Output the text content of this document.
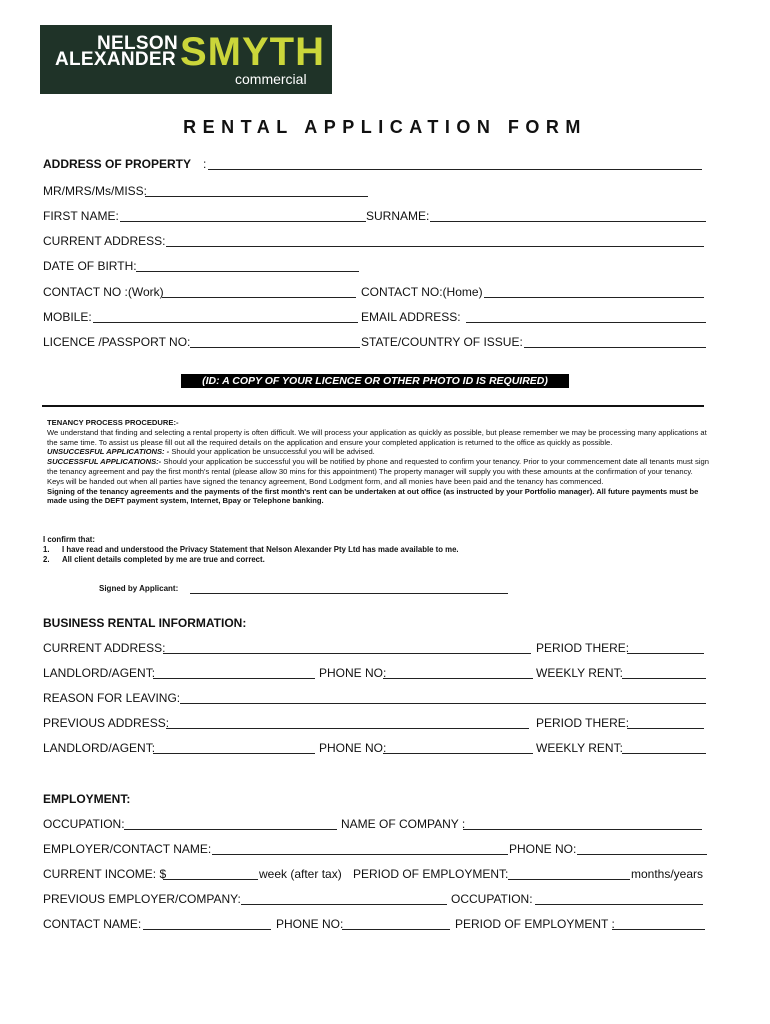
NELSON
ALEXANDER SMYTH
commercial
RENTAL APPLICATION FORM
ADDRESS OF PROPERTY :
MR/MRS/Ms/MISS:
FIRST NAME:	SURNAME:
CURRENT ADDRESS:
DATE OF BIRTH:
CONTACT NO :(Work)	CONTACT NO:(Home)
MOBILE:	EMAIL ADDRESS:
LICENCE /PASSPORT NO:	STATE/COUNTRY OF ISSUE:
(ID: A COPY OF YOUR LICENCE OR OTHER PHOTO ID IS REQUIRED)

TENANCY PROCESS PROCEDURE:-

We understand that finding and selecting a rental property is often difficult. We will process your application as quickly as possible, but please remember we may be processing many applications at the same time. To assist us please fill out all the required details on the application and ensure your completed application is returned to the office as quickly as possible.

UNSUCCESFUL APPLICATIONS: - Should your application be unsuccessful you will be advised.

SUCCESSFUL APPLICATIONS:- Should your application be successful you will be notified by phone and requested to confirm your tenancy. Prior to your commencement date all tenants must sign the tenancy agreement and pay the first month's rental (please allow 30 mins for this appointment) The property manager will supply you with these amounts at the confirmation of your tenancy. Keys will be handed out when all parties have signed the tenancy agreement, Bond Lodgment form, and all monies have been paid and the tenancy has commenced.

Signing of the tenancy agreements and the payments of the first month's rent can be undertaken at out office (as instructed by your Portfolio manager). All future payments must be made using the DEFT payment system, Internet, Bpay or Telephone banking.

I confirm that:

1. I have read and understood the Privacy Statement that Nelson Alexander Pty Ltd has made available to me.

2. All client details completed by me are true and correct.

Signed by Applicant:
BUSINESS RENTAL INFORMATION:
CURRENT ADDRESS:	PERIOD THERE:
LANDLORD/AGENT:	PHONE NO:	WEEKLY RENT:
REASON FOR LEAVING:
PREVIOUS ADDRESS:	PERIOD THERE:
LANDLORD/AGENT:	PHONE NO:	WEEKLY RENT:
EMPLOYMENT:
OCCUPATION:	NAME OF COMPANY :
EMPLOYER/CONTACT NAME:	PHONE NO:
CURRENT INCOME: $	week (after tax) PERIOD OF EMPLOYMENT:	months/years
PREVIOUS EMPLOYER/COMPANY:	OCCUPATION:
CONTACT NAME:	PHONE NO:	PERIOD OF EMPLOYMENT :
